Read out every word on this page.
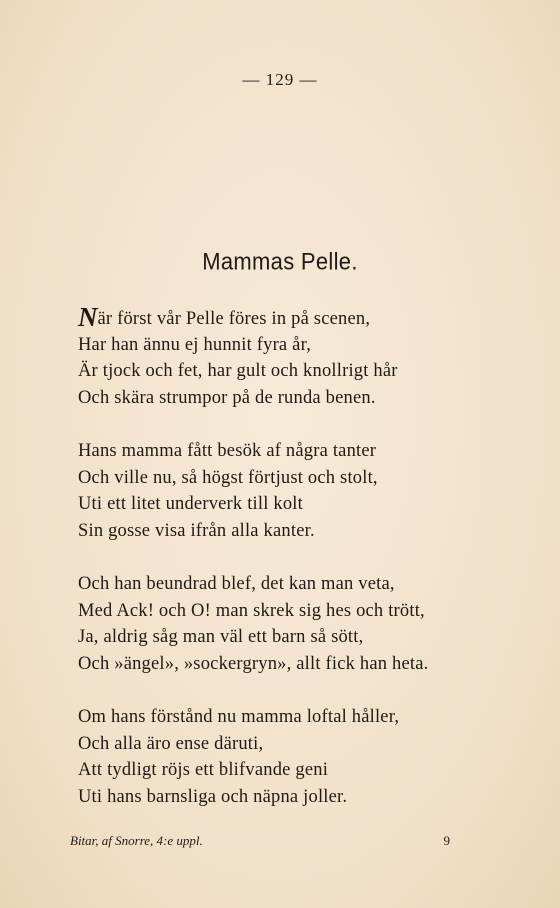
— 129 —
Mammas Pelle.
När först vår Pelle föres in på scenen,
Har han ännu ej hunnit fyra år,
Är tjock och fet, har gult och knollrigt hår
Och skära strumpor på de runda benen.
Hans mamma fått besök af några tanter
Och ville nu, så högst förtjust och stolt,
Uti ett litet underverk till kolt
Sin gosse visa ifrån alla kanter.
Och han beundrad blef, det kan man veta,
Med Ack! och O! man skrek sig hes och trött,
Ja, aldrig såg man väl ett barn så sött,
Och »ängel», »sockergryn», allt fick han heta.
Om hans förstånd nu mamma loftal håller,
Och alla äro ense däruti,
Att tydligt röjs ett blifvande geni
Uti hans barnsliga och näpna joller.
Bitar, af Snorre, 4:e uppl.	9
